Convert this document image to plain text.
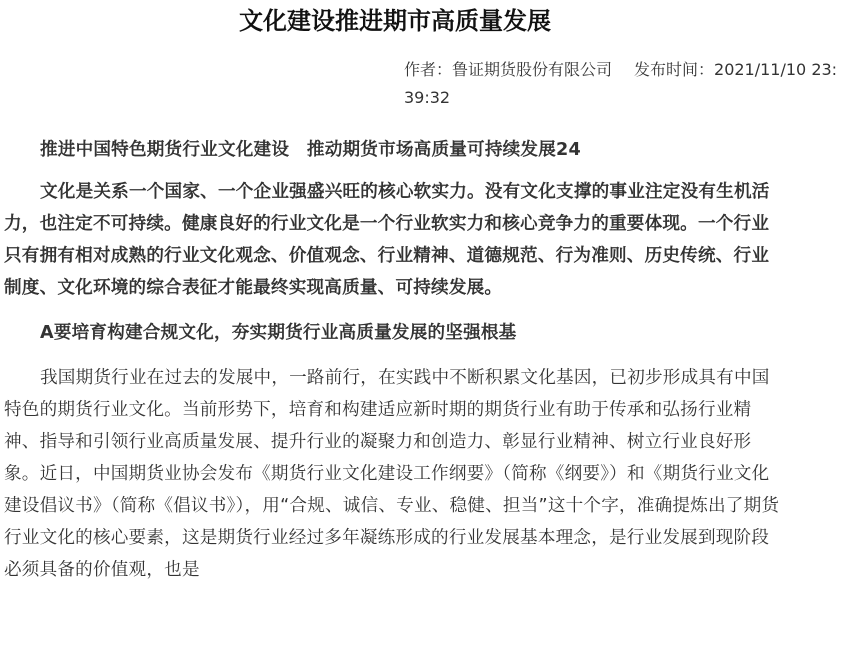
文化建设推进期市高质量发展
作者：鲁证期货股份有限公司 发布时间：2021/11/10 23:39:32

推进中国特色期货行业文化建设　推动期货市场高质量可持续发展24

文化是关系一个国家、一个企业强盛兴旺的核心软实力。没有文化支撑的事业注定没有生机活力，也注定不可持续。健康良好的行业文化是一个行业软实力和核心竞争力的重要体现。一个行业只有拥有相对成熟的行业文化观念、价值观念、行业精神、道德规范、行为准则、历史传统、行业制度、文化环境的综合表征才能最终实现高质量、可持续发展。

A要培育构建合规文化，夯实期货行业高质量发展的坚强根基

我国期货行业在过去的发展中，一路前行，在实践中不断积累文化基因，已初步形成具有中国特色的期货行业文化。当前形势下，培育和构建适应新时期的期货行业有助于传承和弘扬行业精神、指导和引领行业高质量发展、提升行业的凝聚力和创造力、彰显行业精神、树立行业良好形象。近日，中国期货业协会发布《期货行业文化建设工作纲要》（简称《纲要》）和《期货行业文化建设倡议书》（简称《倡议书》），用“合规、诚信、专业、稳健、担当”这十个字，准确提炼出了期货行业文化的核心要素，这是期货行业经过多年凝练形成的行业发展基本理念，是行业发展到现阶段必须具备的价值观，也是
